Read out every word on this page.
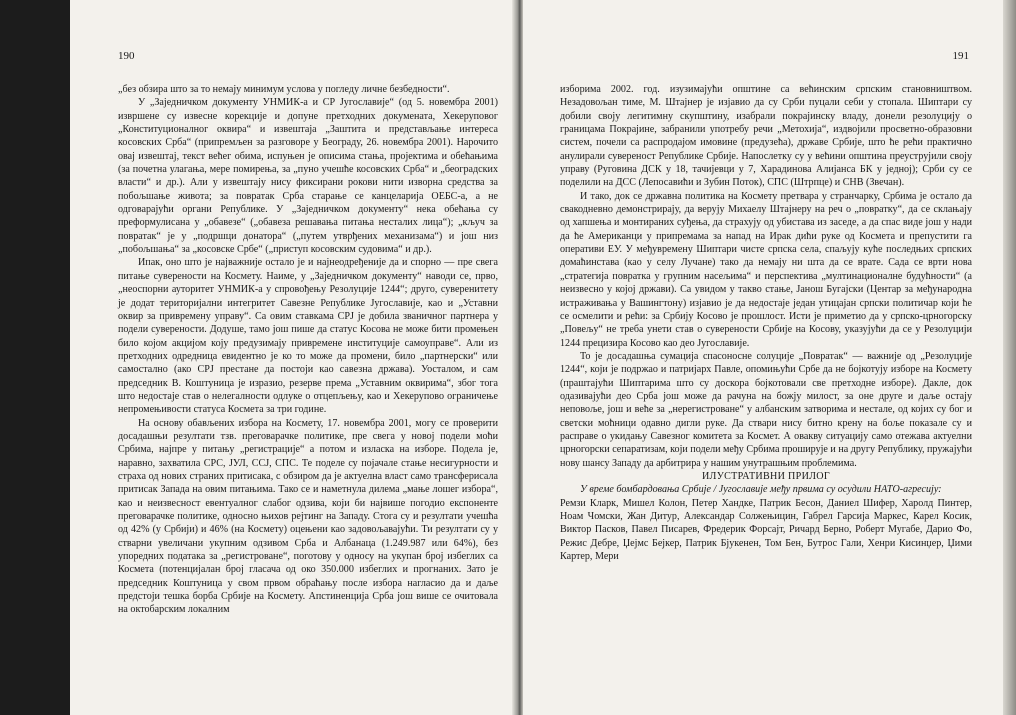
190

„без обзира што за то немају минимум услова у погледу личне безбедности“.

У „Заједничком документу УНМИК-а и СР Југославије“ (од 5. новембра 2001) извршене су извесне корекције и допуне претходних докумената, Хекеруповог „Конституционалног оквира“ и извештаја „Заштита и представљање интереса косовских Срба“ (припремљен за разговоре у Београду, 26. новембра 2001). Нарочито овај извештај, текст већег обима, испуњен је описима стања, пројектима и обећањима (за почетна улагања, мере помирења, за „пуно учешће косовских Срба“ и „београдских власти“ и др.). Али у извештају нису фиксирани рокови нити извoрна средства за побољшање живота; за повратак Срба старање се канцеларија ОЕБС-а, а не одговарајући органи Републике. У „Заједничком документу“ нека обећања су преформулисана у „обавезе“ („обавеза решавања питања несталих лица“); „кључ за повратак“ је у „подршци донатора“ („путем утврђених механизама“) и још низ „побољшања“ за „косовске Србе“ („приступ косовским судовима“ и др.).

Ипак, оно што је најважније остало је и најнеодређеније да и спорно — пре свега питање суверености на Космету. Наиме, у „Заједничком документу“ наводи се, прво, „неоспорни ауторитет УНМИК-а у спровођењу Резолуције 1244“; друго, суверенитету је додат територијални интегритет Савезне Републике Југославије, као и „Уставни оквир за привремену управу“. Са овим ставкама СРЈ је добила званичног партнера у подели суверености. Додуше, тамо још пише да статус Косова не може бити промењен било којом акцијом коју предузимају привремене институције самоуправе“. Али из претходних одредница евидентно је ко то може да промени, било „партнерски“ или самостално (ако СРЈ престане да постоји као савезна држава). Уосталом, и сам председник В. Коштуница је изразио, резерве према „Уставним оквирима“, због тога што недостаје став о нелегалности одлуке о отцепљењу, као и Хекерупово ограничење непромењивости статуса Космета за три године.

На основу обављених избора на Космету, 17. новембра 2001, могу се проверити досадашњи резултати тзв. преговарачке политике, пре свега у новој подели моћи Србима, најпре у питању „регистрације“ а потом и изласка на изборе. Подела је, наравно, захватила СРС, ЈУЛ, ССЈ, СПС. Те поделе су појачале стање несигурности и страха од нових страних притисака, с обзиром да је актуелна власт само трансферисала притисак Запада на овим питањима. Тако се и наметнула дилема „мање лошег избора“, као и неизвесност евентуалног слабог одзива, који би највише погодио експоненте преговарачке политике, односно њихов рејтинг на Западу. Стога су и резултати учешћа од 42% (у Србији) и 46% (на Космету) оцењени као задовољавајући. Ти резултати су у стварни увеличани укупним одзивом Срба и Албанаца (1.249.987 или 64%), без упоредних података за „регистроване“, поготову у односу на укупан број избеглих са Космета (потенцијалан број гласача од око 350.000 избеглих и прогнаних. Зато је председник Коштуница у свом првом обраћању после избора нагласио да и даље предстоји тешка борба Србије на Космету. Апстиненција Срба још више се очитовала на октобарским локалним

191

изборима 2002. год. изузимајући општине са већинским српским становништвом. Незадовољан тиме, М. Штајнер је изјавио да су Срби пуцали себи у стопала. Шиптари су добили своју легитимну скупштину, изабрали покрајинску владу, донели резолуцију о границама Покрајине, забранили употребу речи „Метохија“, издвојили просветно-образовни систем, почели са распродајом имовине (предузећа), државе Србије, што ће рећи практично анулирали сувереност Републике Србије. Напослетку су у већини општина преуструјили своју управу (Руговина ДСК у 18, тачијевци у 7, Харадинова Алијанса БК у једној); Срби су се поделили на ДСС (Лепосавићи и Зубин Поток), СПС (Штрпце) и СНВ (Звечан).

И тако, док се државна политика на Космету претвара у странчарку, Србима је остало да свакодневно демонстрирају, да верују Михаелу Штајнеру на реч о „повратку“, да се склањају од хапшења и монтираних суђења, да страхују од убистава из заседе, а да спас виде још у нади да ће Американци у припремама за напад на Ирак дићи руке од Космета и препустити га оперативи ЕУ. У међувремену Шиптари чисте српска села, спаљују куће последњих српских домаћинстава (као у селу Лучане) тако да немају ни шта да се врате. Сада се врти нова „стратегија повратка у групним насељима“ и перспектива „мултинационалне будућности“ (а неизвесно у којој држави). Са увидом у такво стање, Јанош Бугајски (Центар за међународна истраживања у Вашингтону) изјавио је да недостаје један утицајан српски политичар који ће се осмелити и рећи: за Србију Косово је прошлост. Исти је приметио да у српско-црногорску „Повељу“ не треба унети став о суверености Србије на Косову, указујући да се у Резолуцији 1244 прецизира Косово као део Југославије.

То је досадашња сумација спасоносне солуције „Повратак“ — важније од „Резолуције 1244“, који је подржао и патријарх Павле, опомињући Србе да не бојкотују изборе на Космету (праштајући Шиптарима што су доскора бојкотовали све претходне изборе). Дакле, док одазивајући део Срба још може да рачуна на божју милост, за оне друге и даље остају неповоље, још и веће за „нерегистроване“ у албанским затворима и нестале, од којих су бог и светски моћници одавно дигли руке. Да ствари нису битно крену на боље показале су и расправе о укидању Савезног комитета за Космет. А овакву ситуацију само отежава актуелни црногорски сепаратизам, који подели међу Србима проширује и на другу Републику, пружајући нову шансу Западу да арбитрира у нашим унутрашњим проблемима.

ИЛУСТРАТИВНИ ПРИЛОГ

У време бомбардовања Србије / Југославије међу првима су осудили НАТО-агресију:

Ремзи Кларк, Мишел Колон, Петер Хандке, Патрик Бесон, Даниел Шифер, Харолд Пинтер, Ноам Чомски, Жан Дитур, Александар Солжењицин, Габрел Гарсија Маркес, Карел Косик, Виктор Пасков, Павел Писарев, Фредерик Форсајт, Ричард Берно, Роберт Мугабе, Дарио Фо, Режис Дебре, Џејмс Бејкер, Патрик Бјукенен, Том Бен, Бутрос Гали, Хенри Кисинџер, Џими Картер, Мери
